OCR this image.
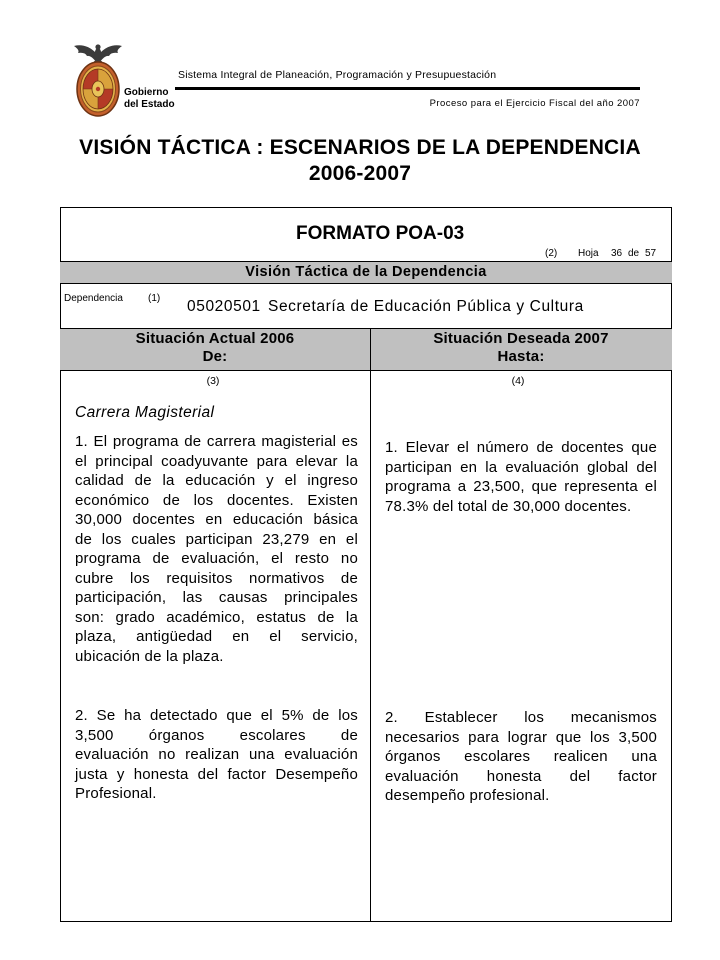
Gobierno
del Estado
Sistema Integral de Planeación, Programación y Presupuestación
Proceso para el Ejercicio Fiscal del año 2007
VISIÓN TÁCTICA : ESCENARIOS DE LA DEPENDENCIA
2006-2007
FORMATO POA-03
(2) Hoja 36 de 57
Visión Táctica de la Dependencia
Dependencia	(1) 05020501 Secretaría de Educación Pública y Cultura
Situación Actual 2006
De:
Situación Deseada 2007
Hasta:
(3)	(4)
Carrera Magisterial
1. El programa de carrera magisterial es
el principal coadyuvante para elevar la
calidad de la educación y el ingreso
económico de los docentes. Existen
30,000 docentes en educación básica
de los cuales participan 23,279 en el
programa de evaluación, el resto no
cubre los requisitos normativos de
participación, las causas principales
son: grado académico, estatus de la
plaza, antigüedad en el servicio,
ubicación de la plaza.
2. Se ha detectado que el 5% de los
3,500 órganos escolares de
evaluación no realizan una evaluación
justa y honesta del factor Desempeño
Profesional.
1. Elevar el número de docentes que
participan en la evaluación global del
programa a 23,500, que representa el
78.3% del total de 30,000 docentes.
2. Establecer los mecanismos
necesarios para lograr que los 3,500
órganos escolares realicen una
evaluación honesta del factor
desempeño profesional.
